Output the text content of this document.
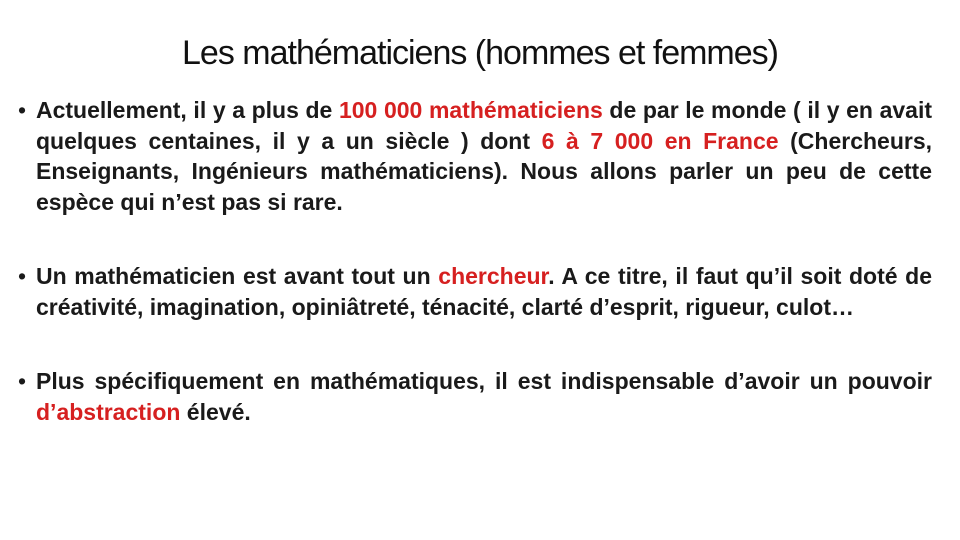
Les mathématiciens (hommes et femmes)
• Actuellement, il y a plus de 100 000 mathématiciens de par le monde ( il y en avait quelques centaines, il y a un siècle ) dont 6 à 7 000 en France (Chercheurs, Enseignants, Ingénieurs mathématiciens). Nous allons parler un peu de cette espèce qui n’est pas si rare.
• Un mathématicien est avant tout un chercheur. A ce titre, il faut qu’il soit doté de créativité, imagination, opiniâtreté, ténacité, clarté d’esprit, rigueur, culot…
• Plus spécifiquement en mathématiques, il est indispensable d’avoir un pouvoir d’abstraction élevé.
